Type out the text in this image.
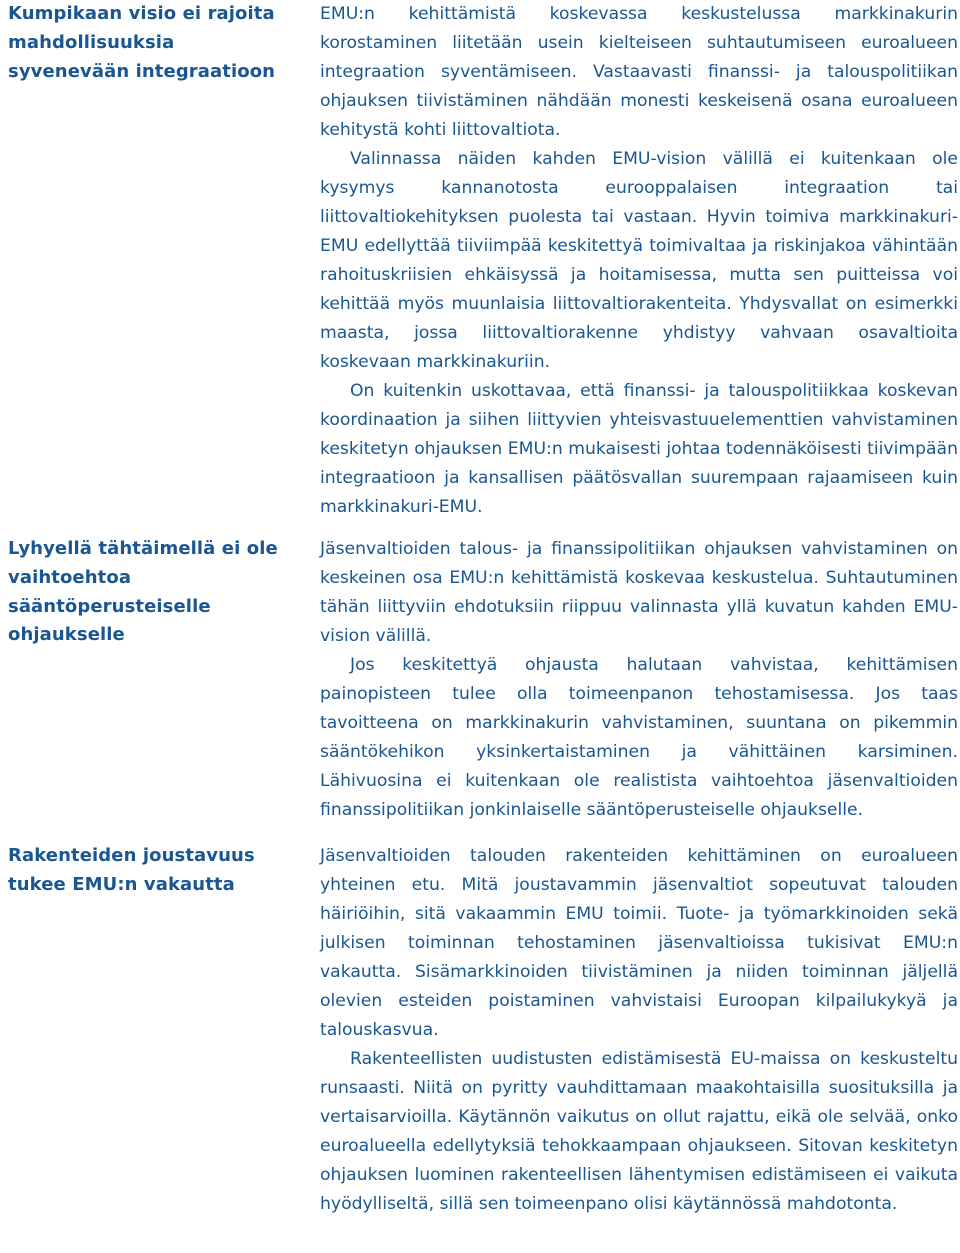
Kumpikaan visio ei rajoita mahdollisuuksia syvenevään integraatioon

EMU:n kehittämistä koskevassa keskustelussa markkinakurin korostaminen liitetään usein kielteiseen suhtautumiseen euroalueen integraation syventämiseen. Vastaavasti finanssi- ja talouspolitiikan ohjauksen tiivistäminen nähdään monesti keskeisenä osana euroalueen kehitystä kohti liittovaltiota.

Valinnassa näiden kahden EMU-vision välillä ei kuitenkaan ole kysymys kannanotosta eurooppalaisen integraation tai liittovaltiokehityksen puolesta tai vastaan. Hyvin toimiva markkinakuri-EMU edellyttää tiiviimpää keskitettyä toimivaltaa ja riskinjakoa vähintään rahoituskriisien ehkäisyssä ja hoitamisessa, mutta sen puitteissa voi kehittää myös muunlaisia liittovaltiorakenteita. Yhdysvallat on esimerkki maasta, jossa liittovaltiorakenne yhdistyy vahvaan osavaltioita koskevaan markkinakuriin.

On kuitenkin uskottavaa, että finanssi- ja talouspolitiikkaa koskevan koordinaation ja siihen liittyvien yhteisvastuuelementtien vahvistaminen keskitetyn ohjauksen EMU:n mukaisesti johtaa todennäköisesti tiivimpään integraatioon ja kansallisen päätösvallan suurempaan rajaamiseen kuin markkinakuri-EMU.

Lyhyellä tähtäimellä ei ole vaihtoehtoa sääntöperusteiselle ohjaukselle

Jäsenvaltioiden talous- ja finanssipolitiikan ohjauksen vahvistaminen on keskeinen osa EMU:n kehittämistä koskevaa keskustelua. Suhtautuminen tähän liittyviin ehdotuksiin riippuu valinnasta yllä kuvatun kahden EMU-vision välillä.

Jos keskitettyä ohjausta halutaan vahvistaa, kehittämisen painopisteen tulee olla toimeenpanon tehostamisessa. Jos taas tavoitteena on markkinakurin vahvistaminen, suuntana on pikemmin sääntökehikon yksinkertaistaminen ja vähittäinen karsiminen. Lähivuosina ei kuitenkaan ole realistista vaihtoehtoa jäsenvaltioiden finanssipolitiikan jonkinlaiselle sääntöperusteiselle ohjaukselle.

Rakenteiden joustavuus tukee EMU:n vakautta

Jäsenvaltioiden talouden rakenteiden kehittäminen on euroalueen yhteinen etu. Mitä joustavammin jäsenvaltiot sopeutuvat talouden häiriöihin, sitä vakaammin EMU toimii. Tuote- ja työmarkkinoiden sekä julkisen toiminnan tehostaminen jäsenvaltioissa tukisivat EMU:n vakautta. Sisämarkkinoiden tiivistäminen ja niiden toiminnan jäljellä olevien esteiden poistaminen vahvistaisi Euroopan kilpailukykyä ja talouskasvua.

Rakenteellisten uudistusten edistämisestä EU-maissa on keskusteltu runsaasti. Niitä on pyritty vauhdittamaan maakohtaisilla suosituksilla ja vertaisarvioilla. Käytännön vaikutus on ollut rajattu, eikä ole selvää, onko euroalueella edellytyksiä tehokkaampaan ohjaukseen. Sitovan keskitetyn ohjauksen luominen rakenteellisen lähentymisen edistämiseen ei vaikuta hyödylliseltä, sillä sen toimeenpano olisi käytännössä mahdotonta.
